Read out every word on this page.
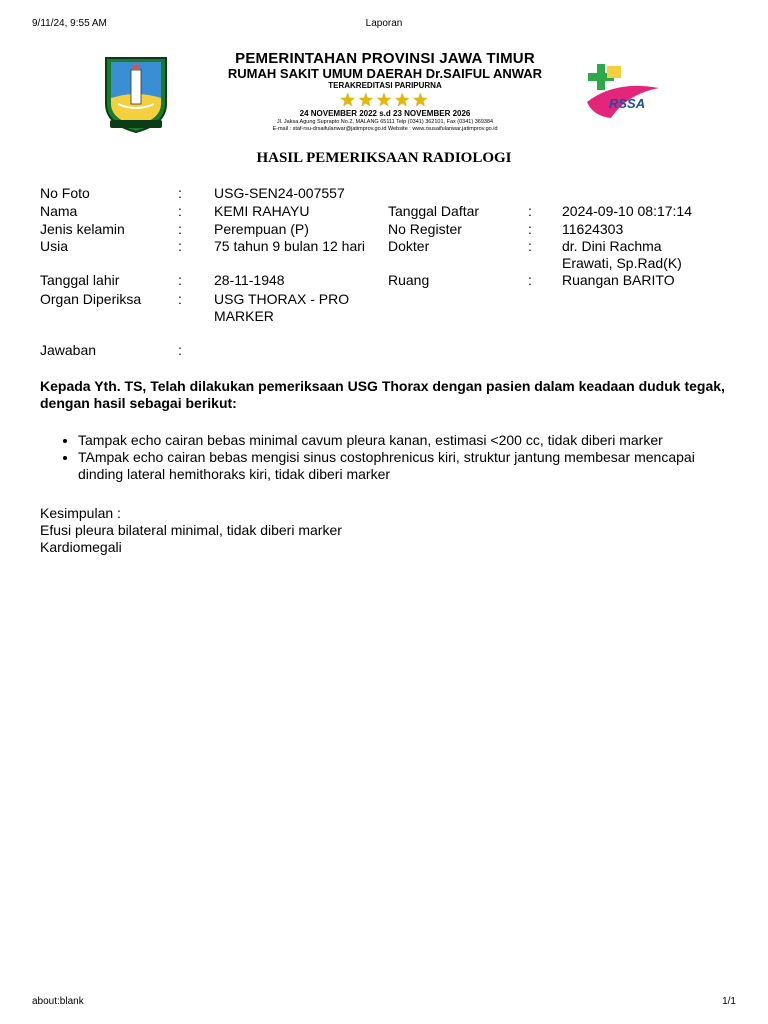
9/11/24, 9:55 AM	Laporan
PEMERINTAHAN PROVINSI JAWA TIMUR
RUMAH SAKIT UMUM DAERAH Dr.SAIFUL ANWAR
TERAKREDITASI PARIPURNA
★★★★★
24 NOVEMBER 2022 s.d 23 NOVEMBER 2026
Jl. Jaksa Agung Suprapto No.2, MALANG 65111 Telp (0341) 362101, Fax (0341) 369384
E-mail : staf-rsu-drsaifulanwar@jatimprov.go.id Website : www.rsusaifulanwar.jatimprov.go.id
RSSA
HASIL PEMERIKSAAN RADIOLOGI
No Foto	: USG-SEN24-007557
Nama	: KEMI RAHAYU	Tanggal Daftar	: 2024-09-10 08:17:14
Jenis kelamin	: Perempuan (P)	No Register	: 11624303
Usia	: 75 tahun 9 bulan 12 hari	Dokter	: dr. Dini Rachma Erawati, Sp.Rad(K)
Tanggal lahir	: 28-11-1948	Ruang	: Ruangan BARITO
Organ Diperiksa	: USG THORAX - PRO MARKER
Jawaban	:
Kepada Yth. TS, Telah dilakukan pemeriksaan USG Thorax dengan pasien dalam keadaan duduk tegak, dengan hasil sebagai berikut:
• Tampak echo cairan bebas minimal cavum pleura kanan, estimasi <200 cc, tidak diberi marker
• TAmpak echo cairan bebas mengisi sinus costophrenicus kiri, struktur jantung membesar mencapai dinding lateral hemithoraks kiri, tidak diberi marker
Kesimpulan :
Efusi pleura bilateral minimal, tidak diberi marker
Kardiomegali
about:blank	1/1
